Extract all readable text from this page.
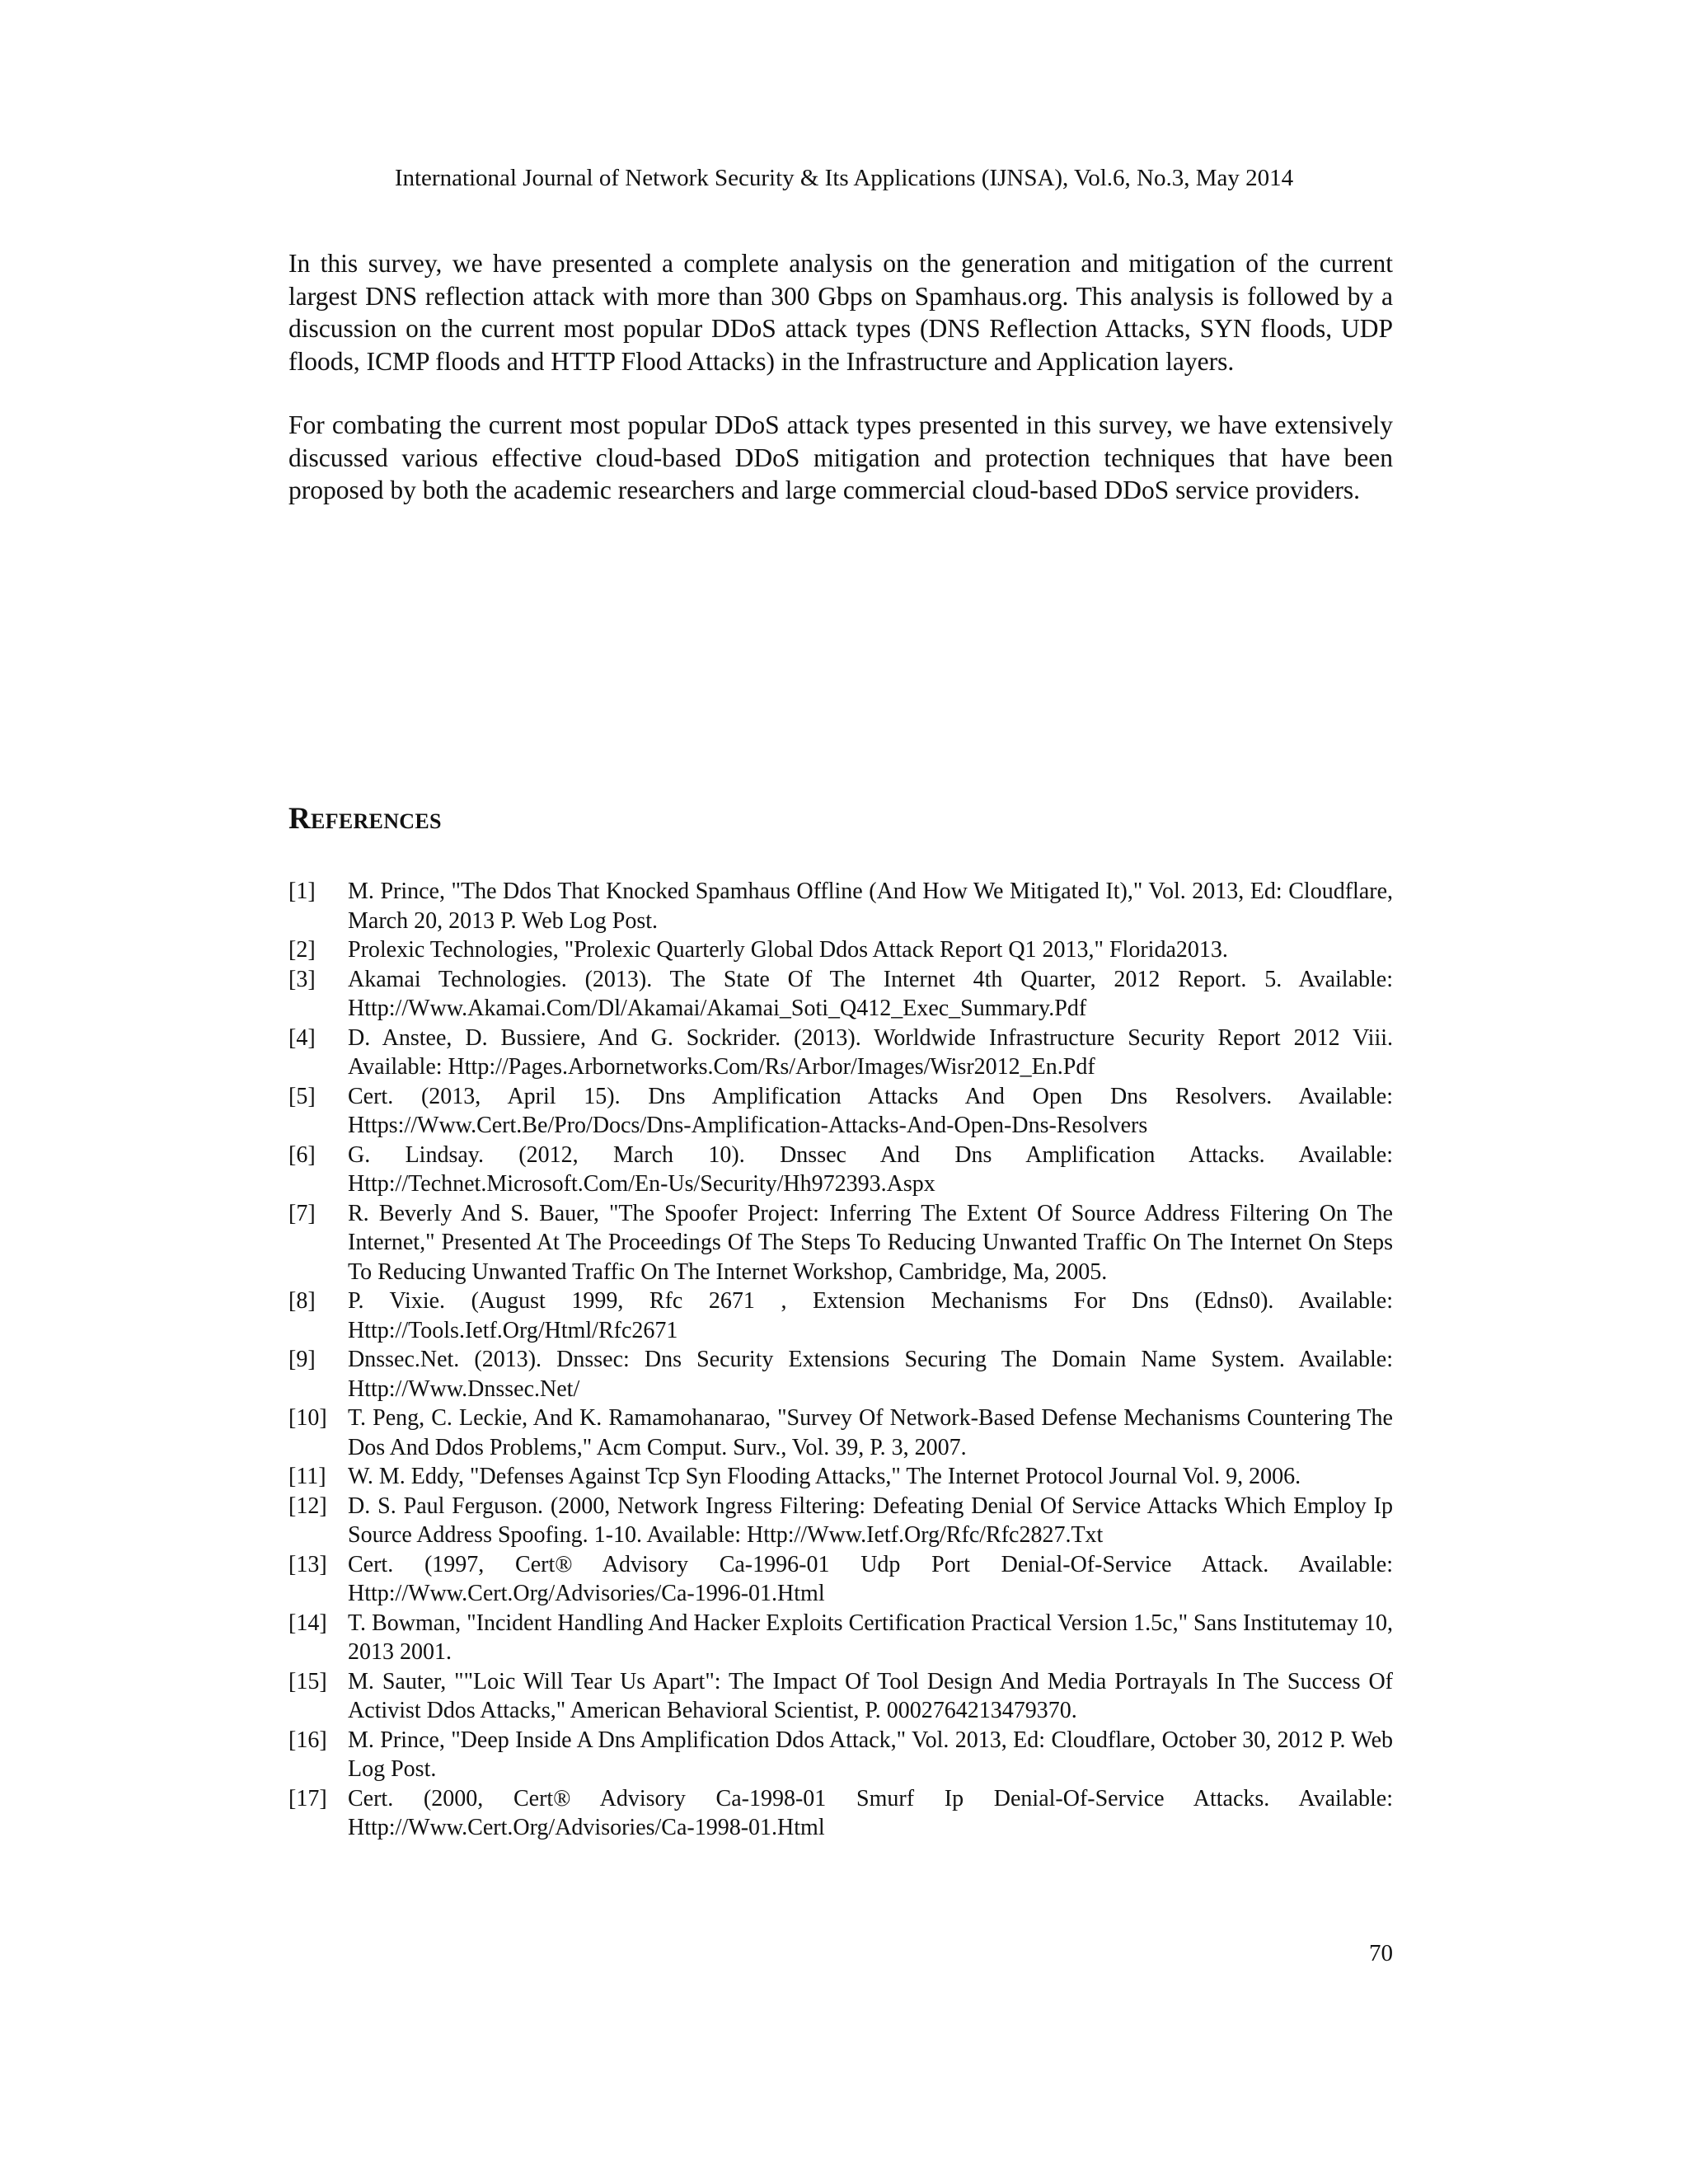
International Journal of Network Security & Its Applications (IJNSA), Vol.6, No.3, May 2014

In this survey, we have presented a complete analysis on the generation and mitigation of the current largest DNS reflection attack with more than 300 Gbps on Spamhaus.org. This analysis is followed by a discussion on the current most popular DDoS attack types (DNS Reflection Attacks, SYN floods, UDP floods, ICMP floods and HTTP Flood Attacks) in the Infrastructure and Application layers.

For combating the current most popular DDoS attack types presented in this survey, we have extensively discussed various effective cloud-based DDoS mitigation and protection techniques that have been proposed by both the academic researchers and large commercial cloud-based DDoS service providers.

References
[1]	M. Prince, "The Ddos That Knocked Spamhaus Offline (And How We Mitigated It)," Vol. 2013, Ed: Cloudflare, March 20, 2013 P. Web Log Post.
[2]	Prolexic Technologies, "Prolexic Quarterly Global Ddos Attack Report Q1 2013," Florida2013.
[3]	Akamai Technologies. (2013). The State Of The Internet 4th Quarter, 2012 Report. 5. Available: Http://Www.Akamai.Com/Dl/Akamai/Akamai_Soti_Q412_Exec_Summary.Pdf
[4]	D. Anstee, D. Bussiere, And G. Sockrider. (2013). Worldwide Infrastructure Security Report 2012 Viii. Available: Http://Pages.Arbornetworks.Com/Rs/Arbor/Images/Wisr2012_En.Pdf
[5]	Cert. (2013, April 15). Dns Amplification Attacks And Open Dns Resolvers. Available: Https://Www.Cert.Be/Pro/Docs/Dns-Amplification-Attacks-And-Open-Dns-Resolvers
[6]	G. Lindsay. (2012, March 10). Dnssec And Dns Amplification Attacks. Available: Http://Technet.Microsoft.Com/En-Us/Security/Hh972393.Aspx
[7]	R. Beverly And S. Bauer, "The Spoofer Project: Inferring The Extent Of Source Address Filtering On The Internet," Presented At The Proceedings Of The Steps To Reducing Unwanted Traffic On The Internet On Steps To Reducing Unwanted Traffic On The Internet Workshop, Cambridge, Ma, 2005.
[8]	P. Vixie. (August 1999, Rfc 2671 , Extension Mechanisms For Dns (Edns0). Available: Http://Tools.Ietf.Org/Html/Rfc2671
[9]	Dnssec.Net. (2013). Dnssec: Dns Security Extensions Securing The Domain Name System. Available: Http://Www.Dnssec.Net/
[10] T. Peng, C. Leckie, And K. Ramamohanarao, "Survey Of Network-Based Defense Mechanisms Countering The Dos And Ddos Problems," Acm Comput. Surv., Vol. 39, P. 3, 2007.
[11] W. M. Eddy, "Defenses Against Tcp Syn Flooding Attacks," The Internet Protocol Journal Vol. 9, 2006.
[12] D. S. Paul Ferguson. (2000, Network Ingress Filtering: Defeating Denial Of Service Attacks Which Employ Ip Source Address Spoofing. 1-10. Available: Http://Www.Ietf.Org/Rfc/Rfc2827.Txt
[13] Cert. (1997, Cert® Advisory Ca-1996-01 Udp Port Denial-Of-Service Attack. Available: Http://Www.Cert.Org/Advisories/Ca-1996-01.Html
[14] T. Bowman, "Incident Handling And Hacker Exploits Certification Practical Version 1.5c," Sans Institutemay 10, 2013 2001.
[15] M. Sauter, ""Loic Will Tear Us Apart": The Impact Of Tool Design And Media Portrayals In The Success Of Activist Ddos Attacks," American Behavioral Scientist, P. 0002764213479370.
[16] M. Prince, "Deep Inside A Dns Amplification Ddos Attack," Vol. 2013, Ed: Cloudflare, October 30, 2012 P. Web Log Post.
[17] Cert. (2000, Cert® Advisory Ca-1998-01 Smurf Ip Denial-Of-Service Attacks. Available: Http://Www.Cert.Org/Advisories/Ca-1998-01.Html
70
